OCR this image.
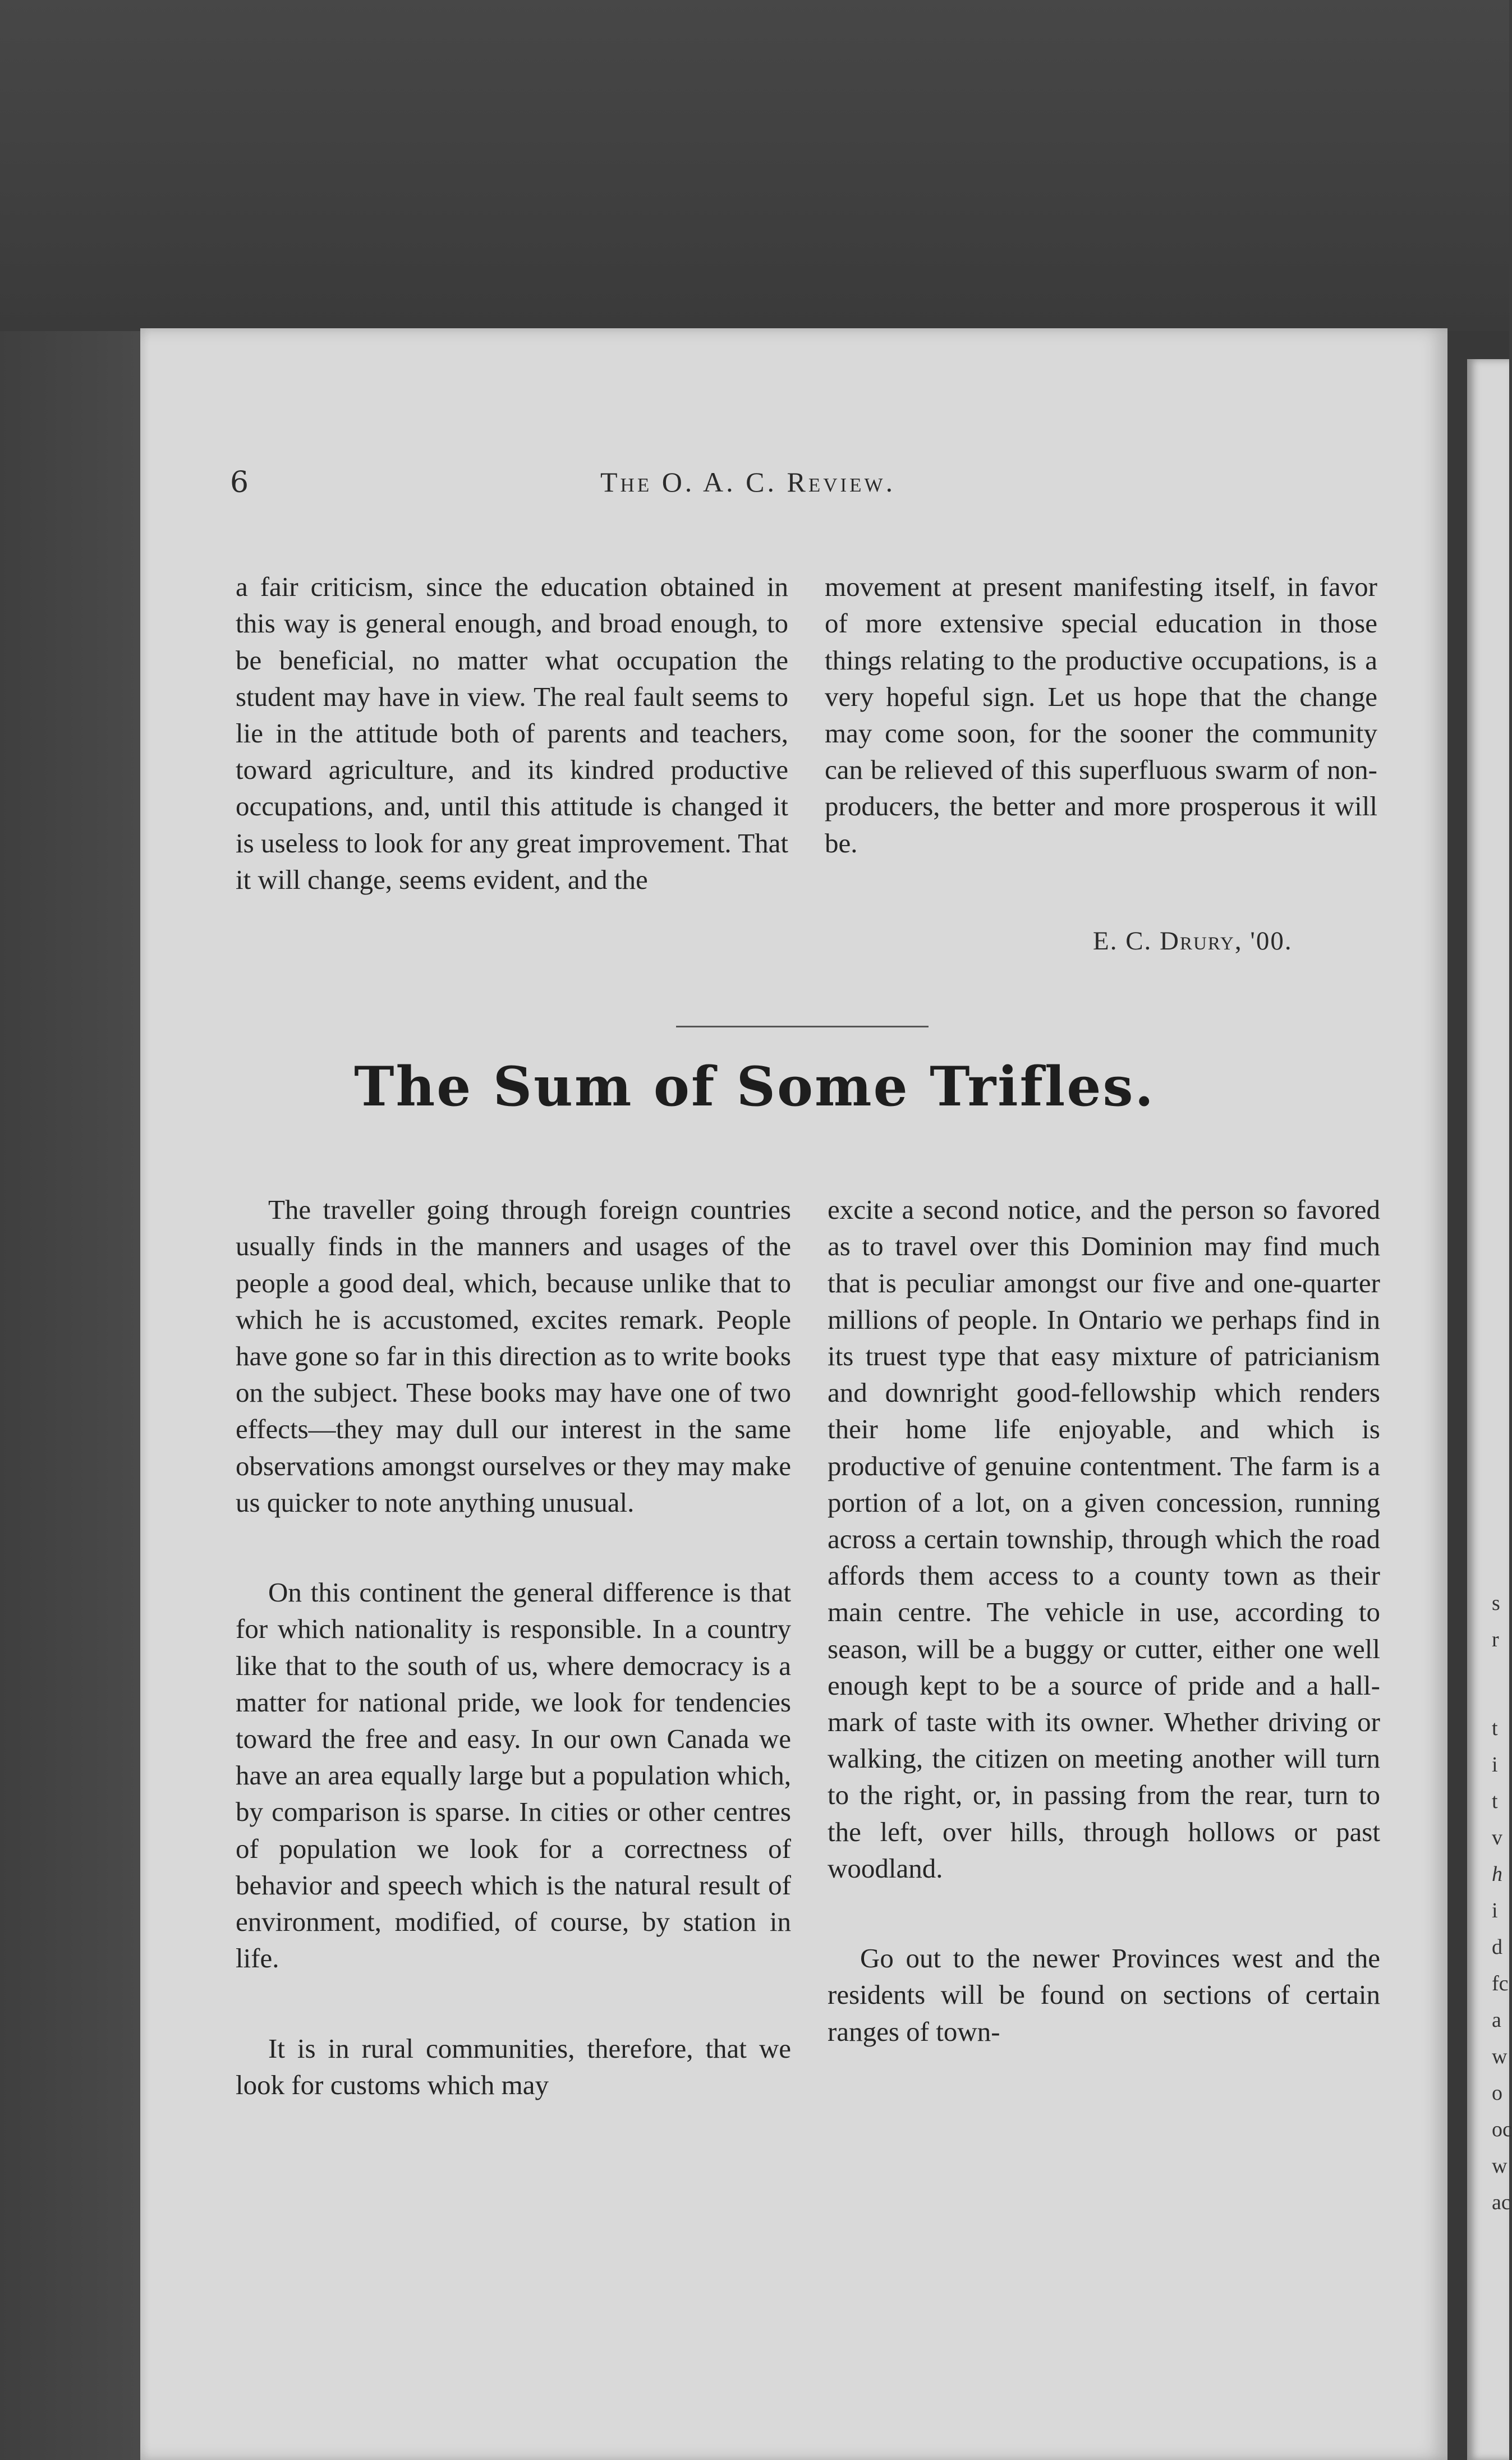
s
r
t
i
t
v
h
i
d
fc
a
w
o
oc
w
ac
6	The O. A. C. Review.

a fair criticism, since the education obtained in this way is general enough, and broad enough, to be beneficial, no matter what occupation the student may have in view. The real fault seems to lie in the attitude both of parents and teachers, toward agriculture, and its kindred productive occupations, and, until this attitude is changed it is useless to look for any great improvement. That it will change, seems evident, and the

movement at present manifesting itself, in favor of more extensive special education in those things relating to the productive occupations, is a very hopeful sign. Let us hope that the change may come soon, for the sooner the community can be relieved of this superfluous swarm of non-producers, the better and more prosperous it will be.

E. C. Drury, '00.
The Sum of Some Trifles.

The traveller going through foreign countries usually finds in the manners and usages of the people a good deal, which, because unlike that to which he is accustomed, excites remark. People have gone so far in this direction as to write books on the subject. These books may have one of two effects—they may dull our interest in the same observations amongst ourselves or they may make us quicker to note anything unusual.

On this continent the general difference is that for which nationality is responsible. In a country like that to the south of us, where democracy is a matter for national pride, we look for tendencies toward the free and easy. In our own Canada we have an area equally large but a population which, by comparison is sparse. In cities or other centres of population we look for a correctness of behavior and speech which is the natural result of environment, modified, of course, by station in life.

It is in rural communities, therefore, that we look for customs which may

excite a second notice, and the person so favored as to travel over this Dominion may find much that is peculiar amongst our five and one-quarter millions of people. In Ontario we perhaps find in its truest type that easy mixture of patricianism and downright good-fellowship which renders their home life enjoyable, and which is productive of genuine contentment. The farm is a portion of a lot, on a given concession, running across a certain township, through which the road affords them access to a county town as their main centre. The vehicle in use, according to season, will be a buggy or cutter, either one well enough kept to be a source of pride and a hall-mark of taste with its owner. Whether driving or walking, the citizen on meeting another will turn to the right, or, in passing from the rear, turn to the left, over hills, through hollows or past woodland.

Go out to the newer Provinces west and the residents will be found on sections of certain ranges of town-
